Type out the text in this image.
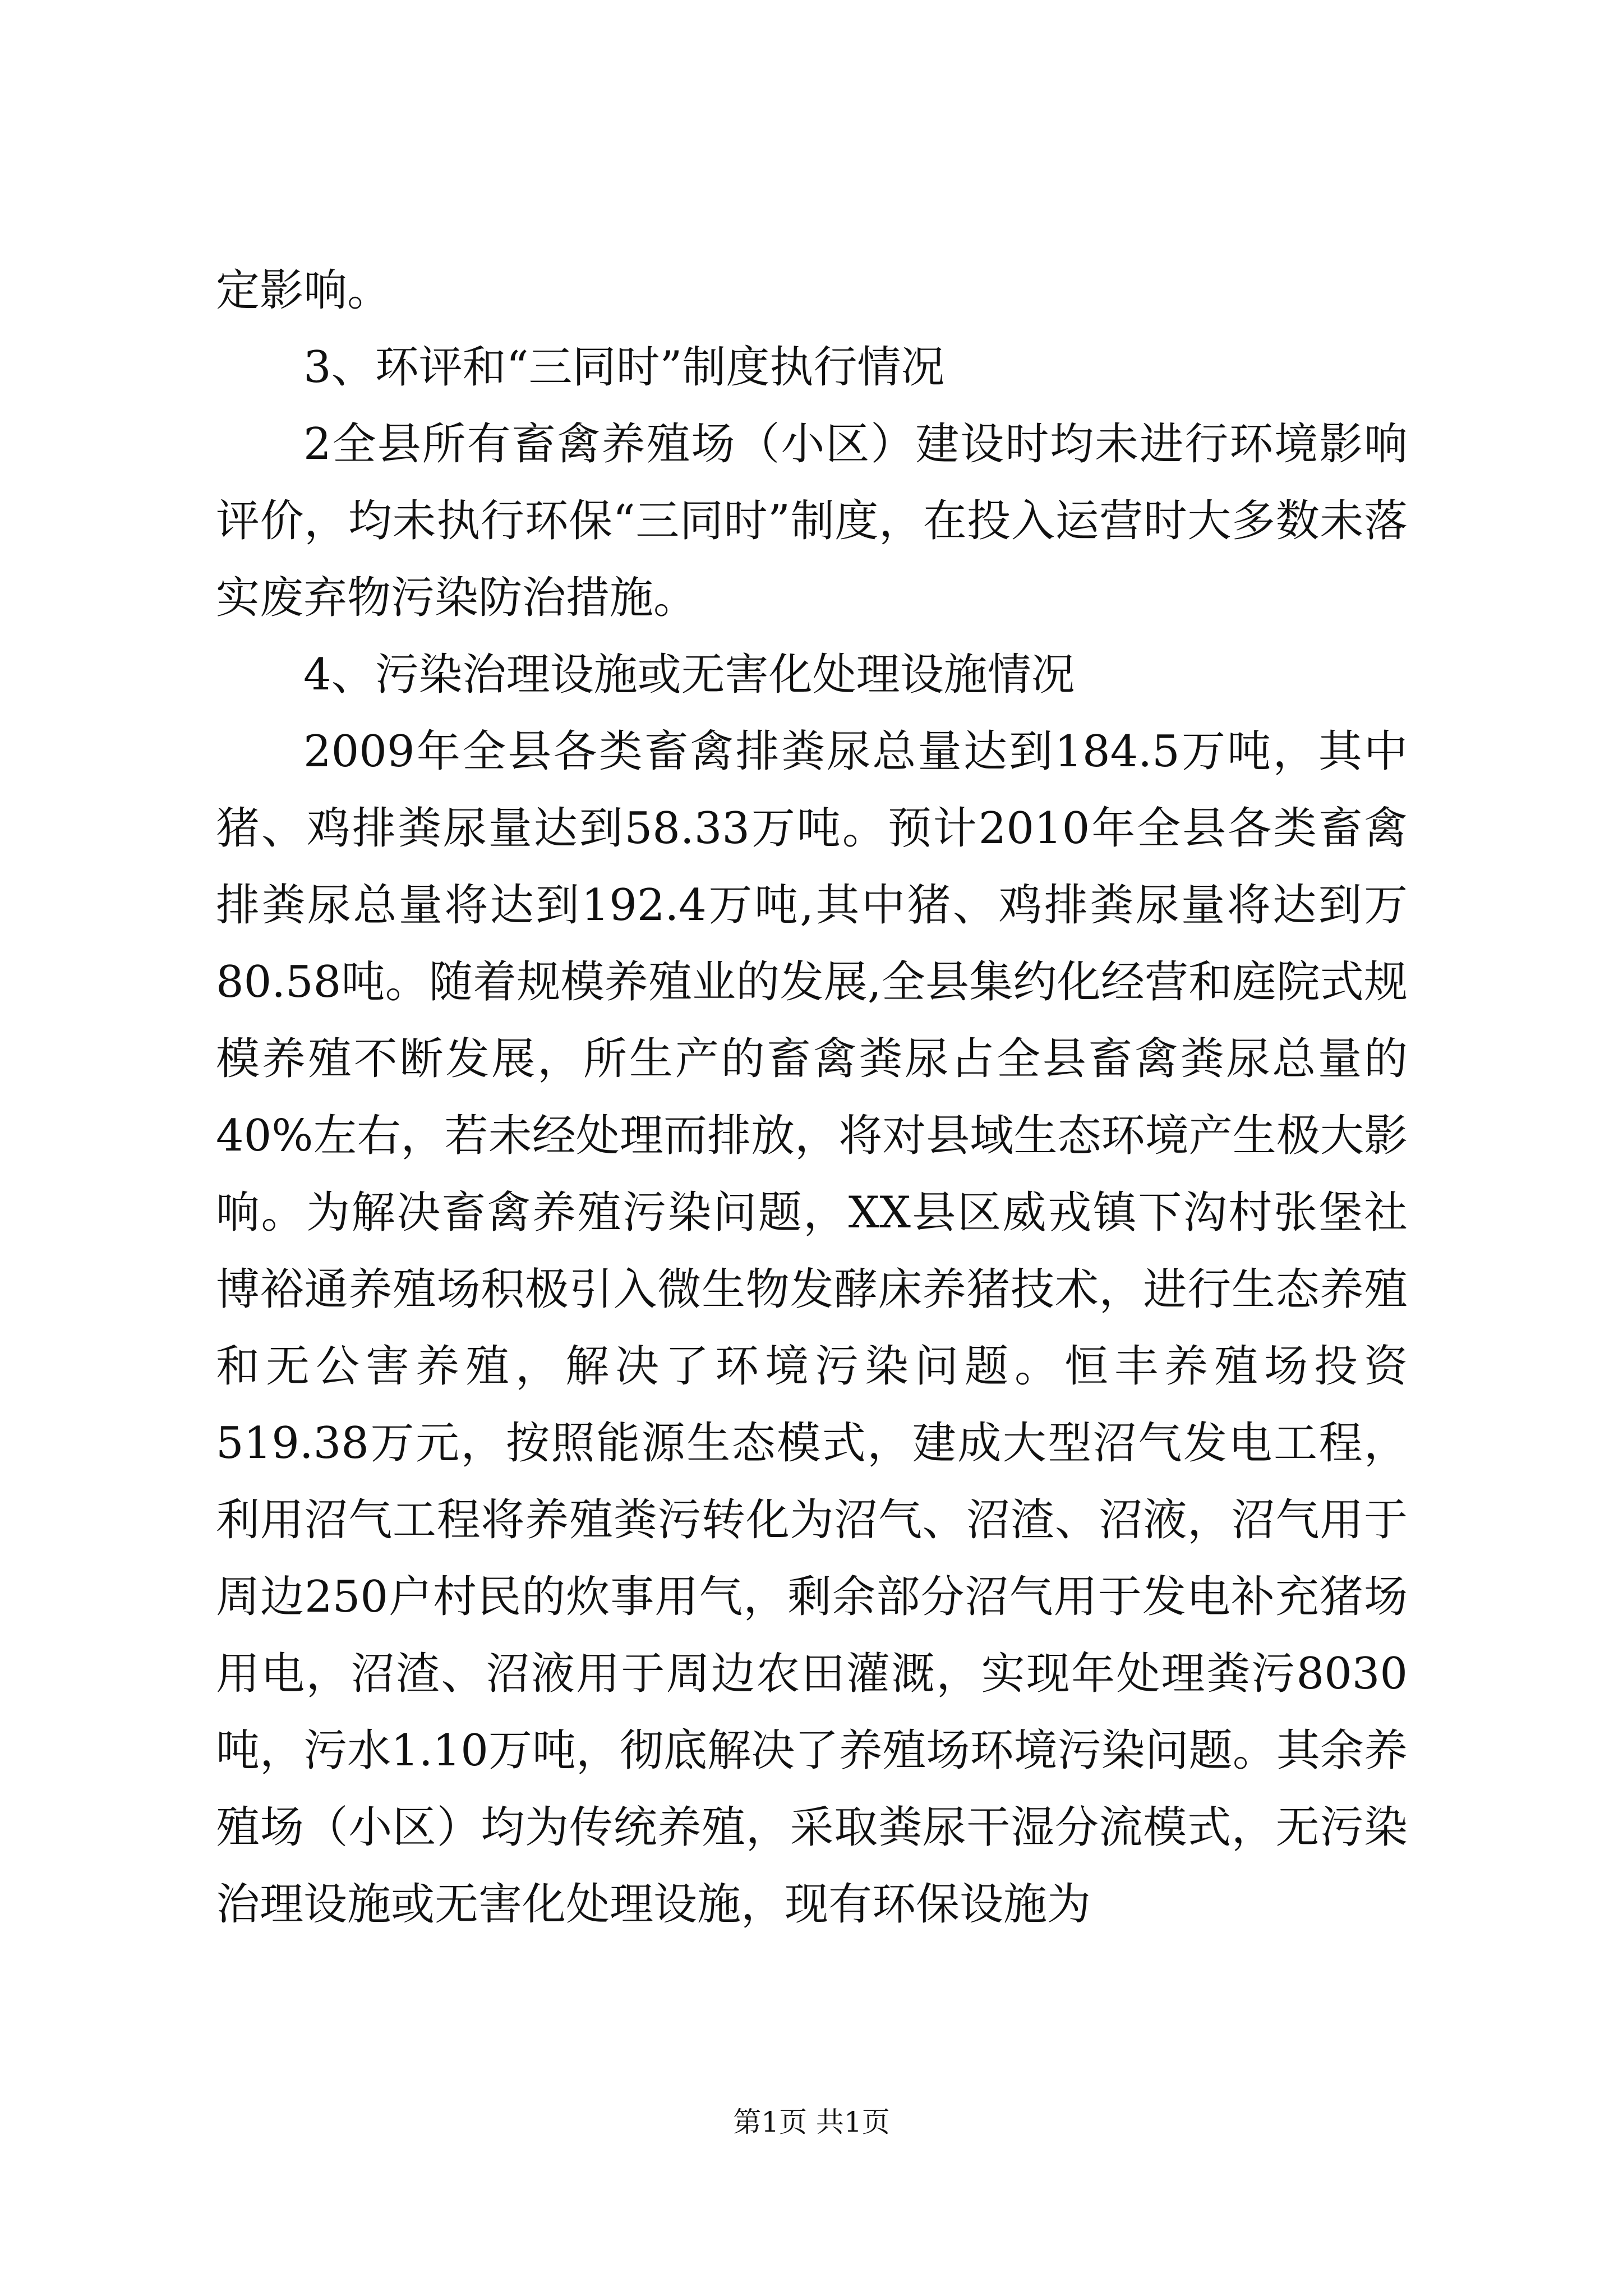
定影响。

3、环评和“三同时”制度执行情况

2全县所有畜禽养殖场（小区）建设时均未进行环境影响评价，均未执行环保“三同时”制度，在投入运营时大多数未落实废弃物污染防治措施。

4、污染治理设施或无害化处理设施情况

2009年全县各类畜禽排粪尿总量达到184.5万吨，其中猪、鸡排粪尿量达到58.33万吨。预计2010年全县各类畜禽排粪尿总量将达到192.4万吨,其中猪、鸡排粪尿量将达到万80.58吨。随着规模养殖业的发展,全县集约化经营和庭院式规模养殖不断发展，所生产的畜禽粪尿占全县畜禽粪尿总量的40%左右，若未经处理而排放，将对县域生态环境产生极大影响。为解决畜禽养殖污染问题，XX县区威戎镇下沟村张堡社博裕通养殖场积极引入微生物发酵床养猪技术，进行生态养殖和无公害养殖，解决了环境污染问题。恒丰养殖场投资519.38万元，按照能源生态模式，建成大型沼气发电工程，利用沼气工程将养殖粪污转化为沼气、沼渣、沼液，沼气用于周边250户村民的炊事用气，剩余部分沼气用于发电补充猪场用电，沼渣、沼液用于周边农田灌溉，实现年处理粪污8030吨，污水1.10万吨，彻底解决了养殖场环境污染问题。其余养殖场（小区）均为传统养殖，采取粪尿干湿分流模式，无污染治理设施或无害化处理设施，现有环保设施为

第1页 共1页
